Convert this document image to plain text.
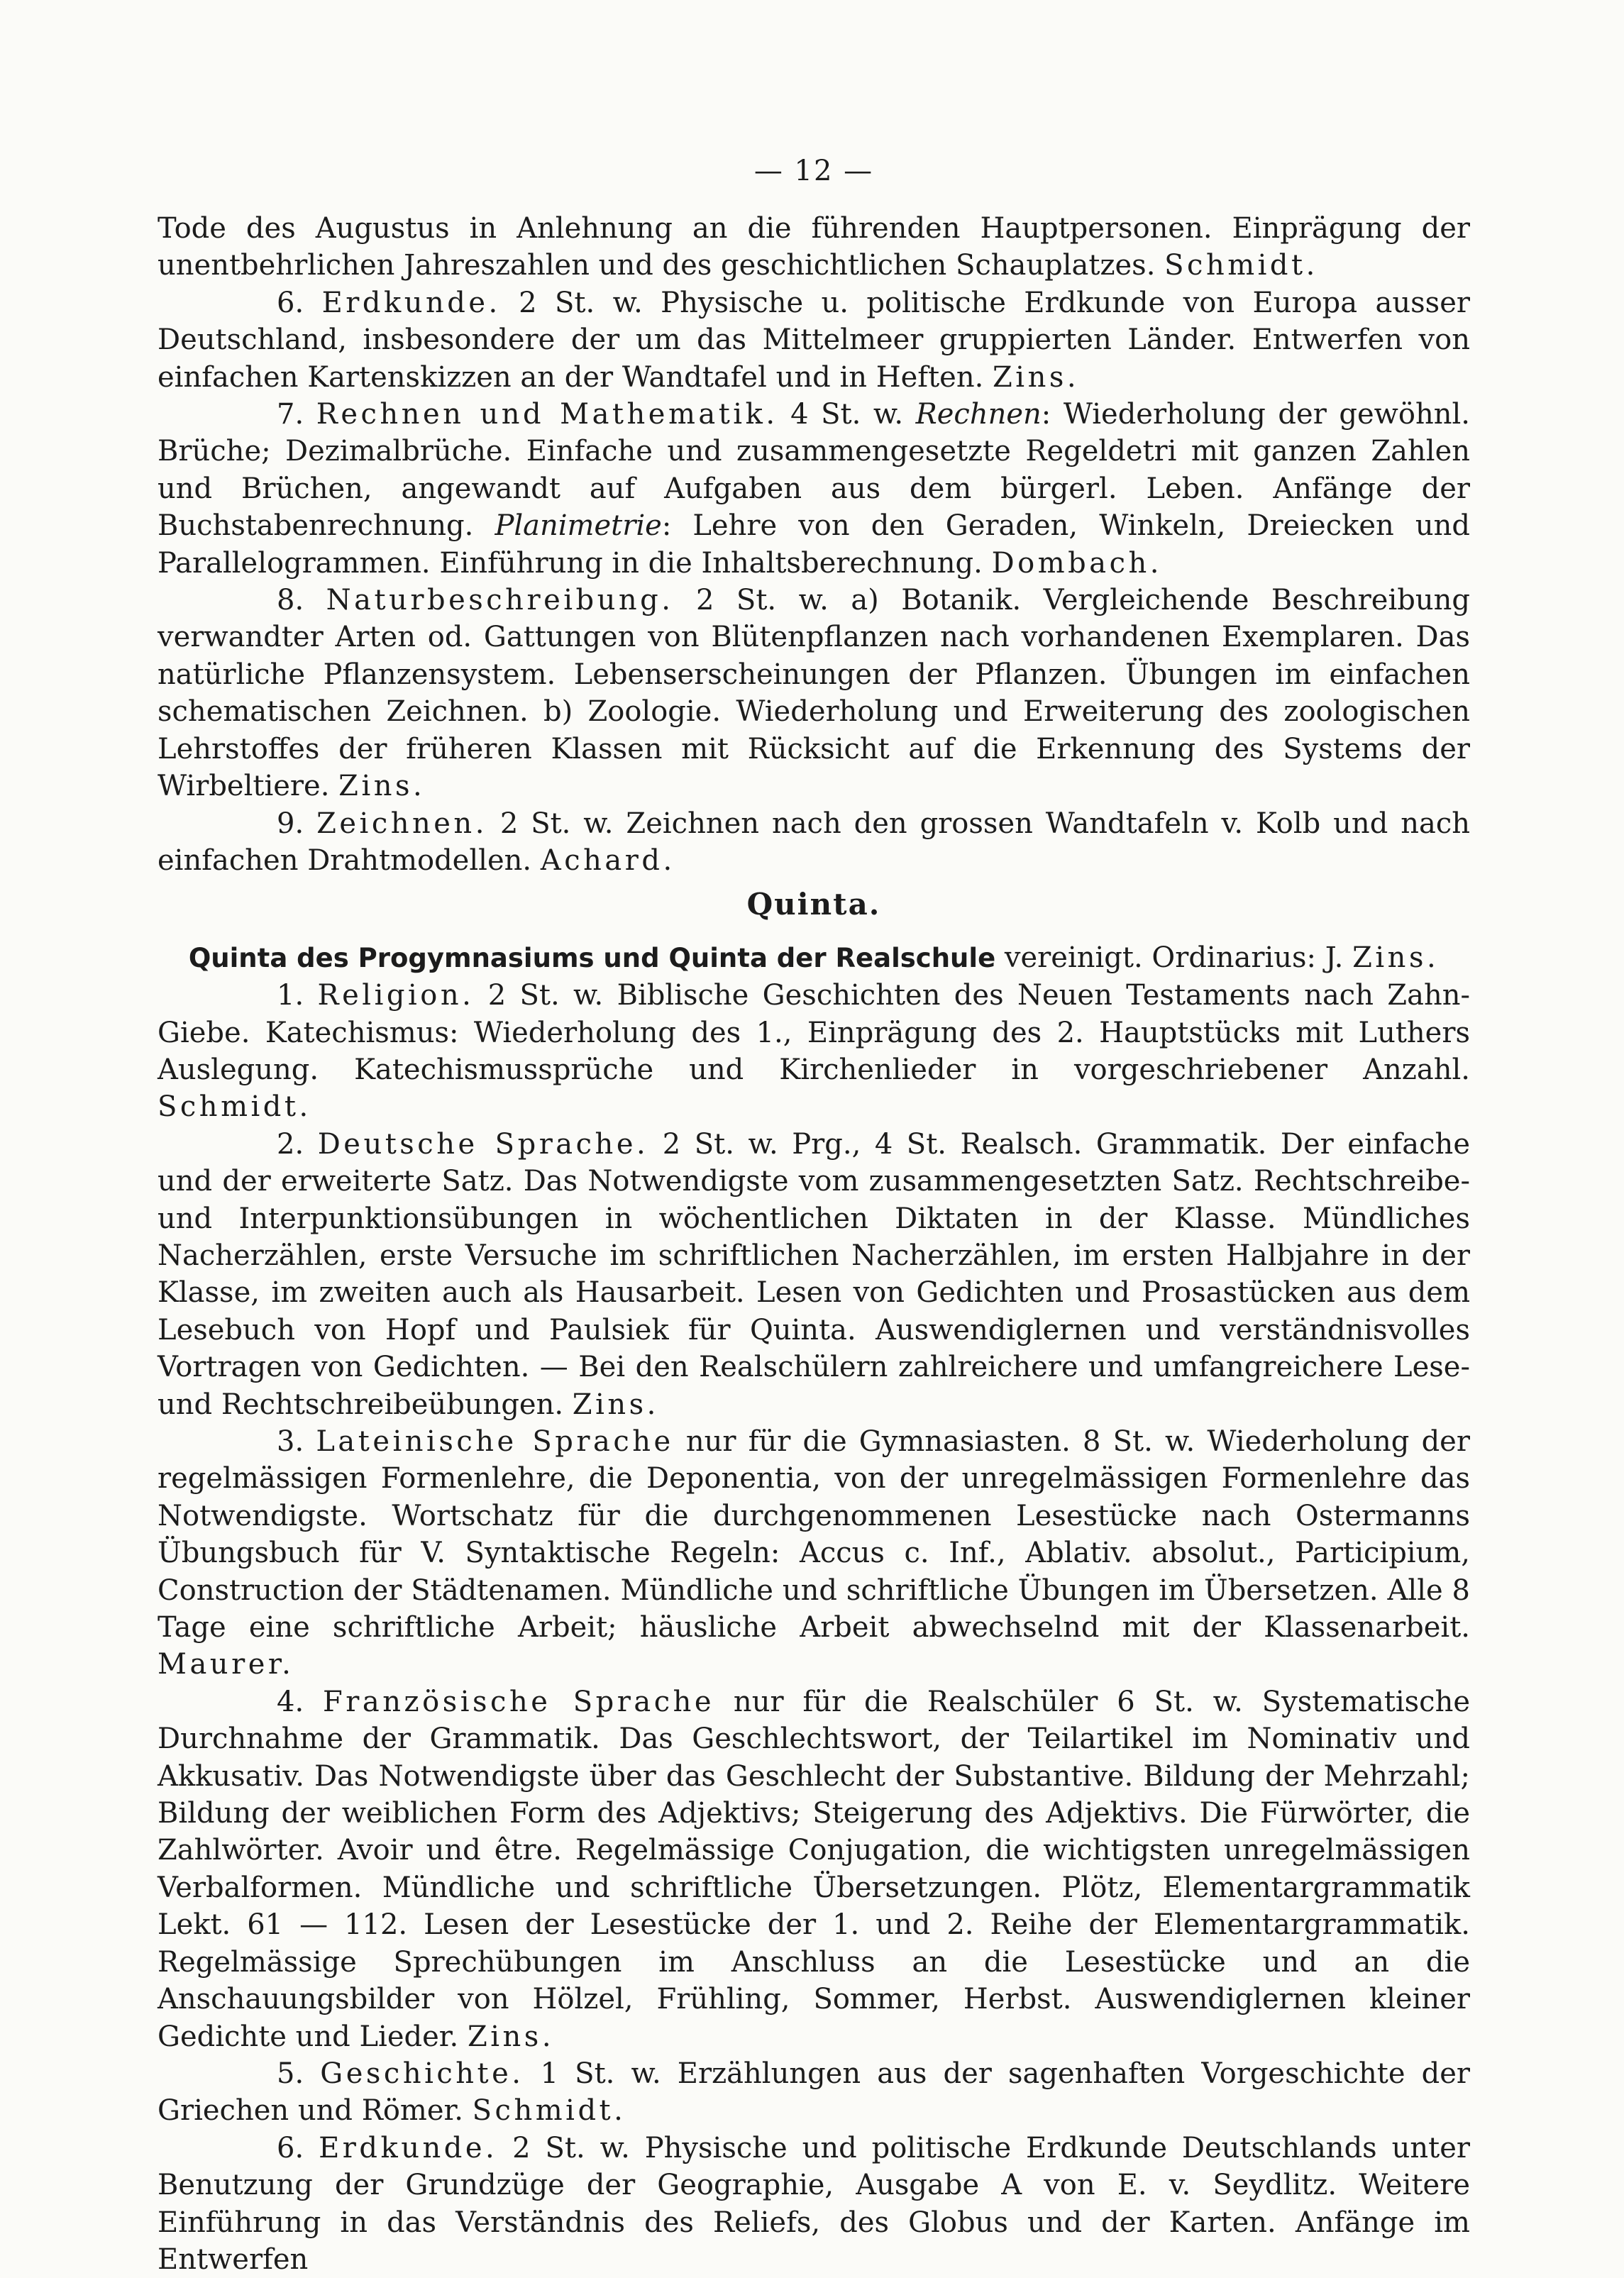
— 12 —

Tode des Augustus in Anlehnung an die führenden Hauptpersonen. Einprägung der unentbehrlichen Jahreszahlen und des geschichtlichen Schauplatzes. Schmidt.

6. Erdkunde. 2 St. w. Physische u. politische Erdkunde von Europa ausser Deutschland, insbesondere der um das Mittelmeer gruppierten Länder. Entwerfen von einfachen Kartenskizzen an der Wandtafel und in Heften. Zins.

7. Rechnen und Mathematik. 4 St. w. Rechnen: Wiederholung der gewöhnl. Brüche; Dezimalbrüche. Einfache und zusammengesetzte Regeldetri mit ganzen Zahlen und Brüchen, angewandt auf Aufgaben aus dem bürgerl. Leben. Anfänge der Buchstabenrechnung. Planimetrie: Lehre von den Geraden, Winkeln, Dreiecken und Parallelogrammen. Einführung in die Inhaltsberechnung. Dombach.

8. Naturbeschreibung. 2 St. w. a) Botanik. Vergleichende Beschreibung verwandter Arten od. Gattungen von Blütenpflanzen nach vorhandenen Exemplaren. Das natürliche Pflanzensystem. Lebenserscheinungen der Pflanzen. Übungen im einfachen schematischen Zeichnen. b) Zoologie. Wiederholung und Erweiterung des zoologischen Lehrstoffes der früheren Klassen mit Rücksicht auf die Erkennung des Systems der Wirbeltiere. Zins.

9. Zeichnen. 2 St. w. Zeichnen nach den grossen Wandtafeln v. Kolb und nach einfachen Drahtmodellen. Achard.

Quinta.

Quinta des Progymnasiums und Quinta der Realschule vereinigt. Ordinarius: J. Zins.

1. Religion. 2 St. w. Biblische Geschichten des Neuen Testaments nach Zahn-Giebe. Katechismus: Wiederholung des 1., Einprägung des 2. Hauptstücks mit Luthers Auslegung. Katechismussprüche und Kirchenlieder in vorgeschriebener Anzahl. Schmidt.

2. Deutsche Sprache. 2 St. w. Prg., 4 St. Realsch. Grammatik. Der einfache und der erweiterte Satz. Das Notwendigste vom zusammengesetzten Satz. Rechtschreibe- und Interpunktionsübungen in wöchentlichen Diktaten in der Klasse. Mündliches Nacherzählen, erste Versuche im schriftlichen Nacherzählen, im ersten Halbjahre in der Klasse, im zweiten auch als Hausarbeit. Lesen von Gedichten und Prosastücken aus dem Lesebuch von Hopf und Paulsiek für Quinta. Auswendiglernen und verständnisvolles Vortragen von Gedichten. — Bei den Realschülern zahlreichere und umfangreichere Lese- und Rechtschreibeübungen. Zins.

3. Lateinische Sprache nur für die Gymnasiasten. 8 St. w. Wiederholung der regelmässigen Formenlehre, die Deponentia, von der unregelmässigen Formenlehre das Notwendigste. Wortschatz für die durchgenommenen Lesestücke nach Ostermanns Übungsbuch für V. Syntaktische Regeln: Accus c. Inf., Ablativ. absolut., Participium, Construction der Städtenamen. Mündliche und schriftliche Übungen im Übersetzen. Alle 8 Tage eine schriftliche Arbeit; häusliche Arbeit abwechselnd mit der Klassenarbeit. Maurer.

4. Französische Sprache nur für die Realschüler 6 St. w. Systematische Durchnahme der Grammatik. Das Geschlechtswort, der Teilartikel im Nominativ und Akkusativ. Das Notwendigste über das Geschlecht der Substantive. Bildung der Mehrzahl; Bildung der weiblichen Form des Adjektivs; Steigerung des Adjektivs. Die Fürwörter, die Zahlwörter. Avoir und être. Regelmässige Conjugation, die wichtigsten unregelmässigen Verbalformen. Mündliche und schriftliche Übersetzungen. Plötz, Elementargrammatik Lekt. 61 — 112. Lesen der Lesestücke der 1. und 2. Reihe der Elementargrammatik. Regelmässige Sprechübungen im Anschluss an die Lesestücke und an die Anschauungsbilder von Hölzel, Frühling, Sommer, Herbst. Auswendiglernen kleiner Gedichte und Lieder. Zins.

5. Geschichte. 1 St. w. Erzählungen aus der sagenhaften Vorgeschichte der Griechen und Römer. Schmidt.

6. Erdkunde. 2 St. w. Physische und politische Erdkunde Deutschlands unter Benutzung der Grundzüge der Geographie, Ausgabe A von E. v. Seydlitz. Weitere Einführung in das Verständnis des Reliefs, des Globus und der Karten. Anfänge im Entwerfen
